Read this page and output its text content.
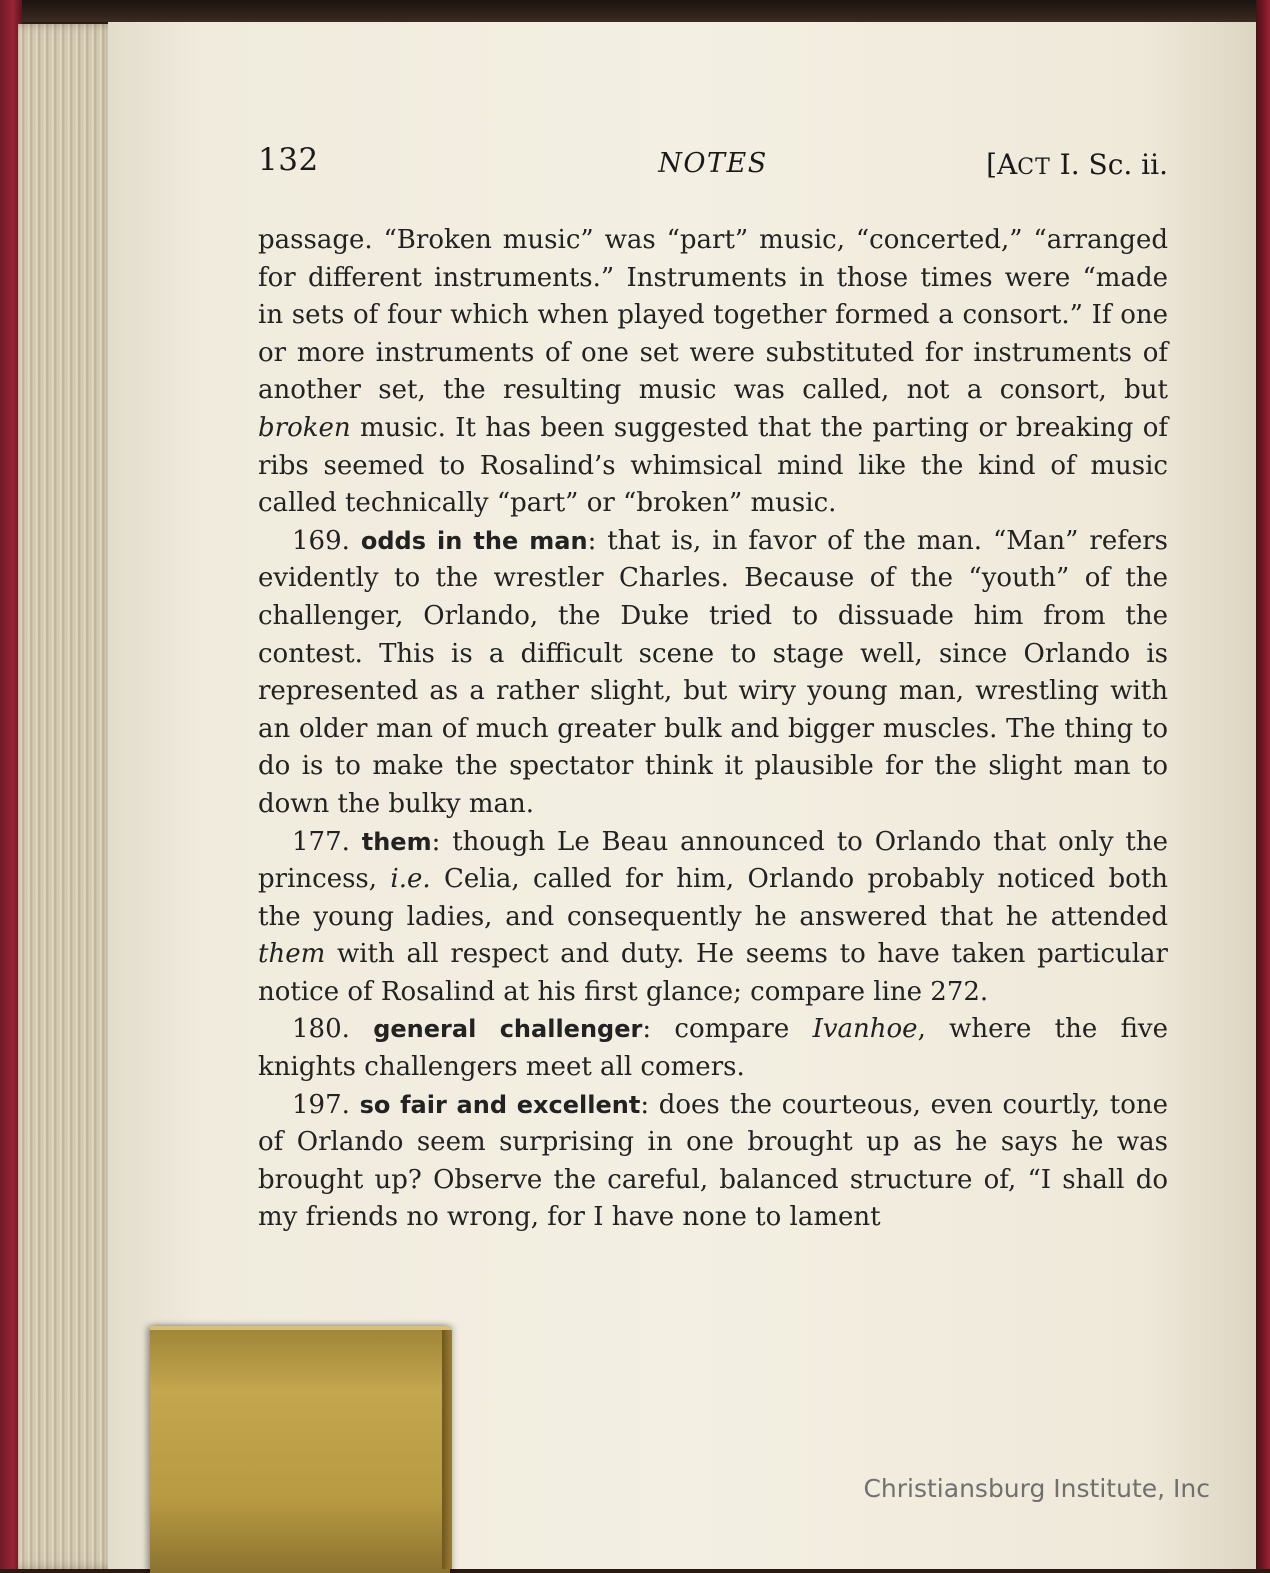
132	NOTES	[ACT I. Sc. ii.

passage. “Broken music” was “part” music, “concerted,” “arranged for different instruments.” Instruments in those times were “made in sets of four which when played together formed a consort.” If one or more instruments of one set were substituted for instruments of another set, the resulting music was called, not a consort, but broken music. It has been suggested that the parting or breaking of ribs seemed to Rosalind’s whimsical mind like the kind of music called technically “part” or “broken” music.

169. odds in the man: that is, in favor of the man. “Man” refers evidently to the wrestler Charles. Because of the “youth” of the challenger, Orlando, the Duke tried to dissuade him from the contest. This is a difficult scene to stage well, since Orlando is represented as a rather slight, but wiry young man, wrestling with an older man of much greater bulk and bigger muscles. The thing to do is to make the spectator think it plausible for the slight man to down the bulky man.

177. them: though Le Beau announced to Orlando that only the princess, i.e. Celia, called for him, Orlando probably noticed both the young ladies, and consequently he answered that he attended them with all respect and duty. He seems to have taken particular notice of Rosalind at his first glance; compare line 272.

180. general challenger: compare Ivanhoe, where the five knights challengers meet all comers.

197. so fair and excellent: does the courteous, even courtly, tone of Orlando seem surprising in one brought up as he says he was brought up? Observe the careful, balanced structure of, “I shall do my friends no wrong, for I have none to lament

Christiansburg Institute, Inc
